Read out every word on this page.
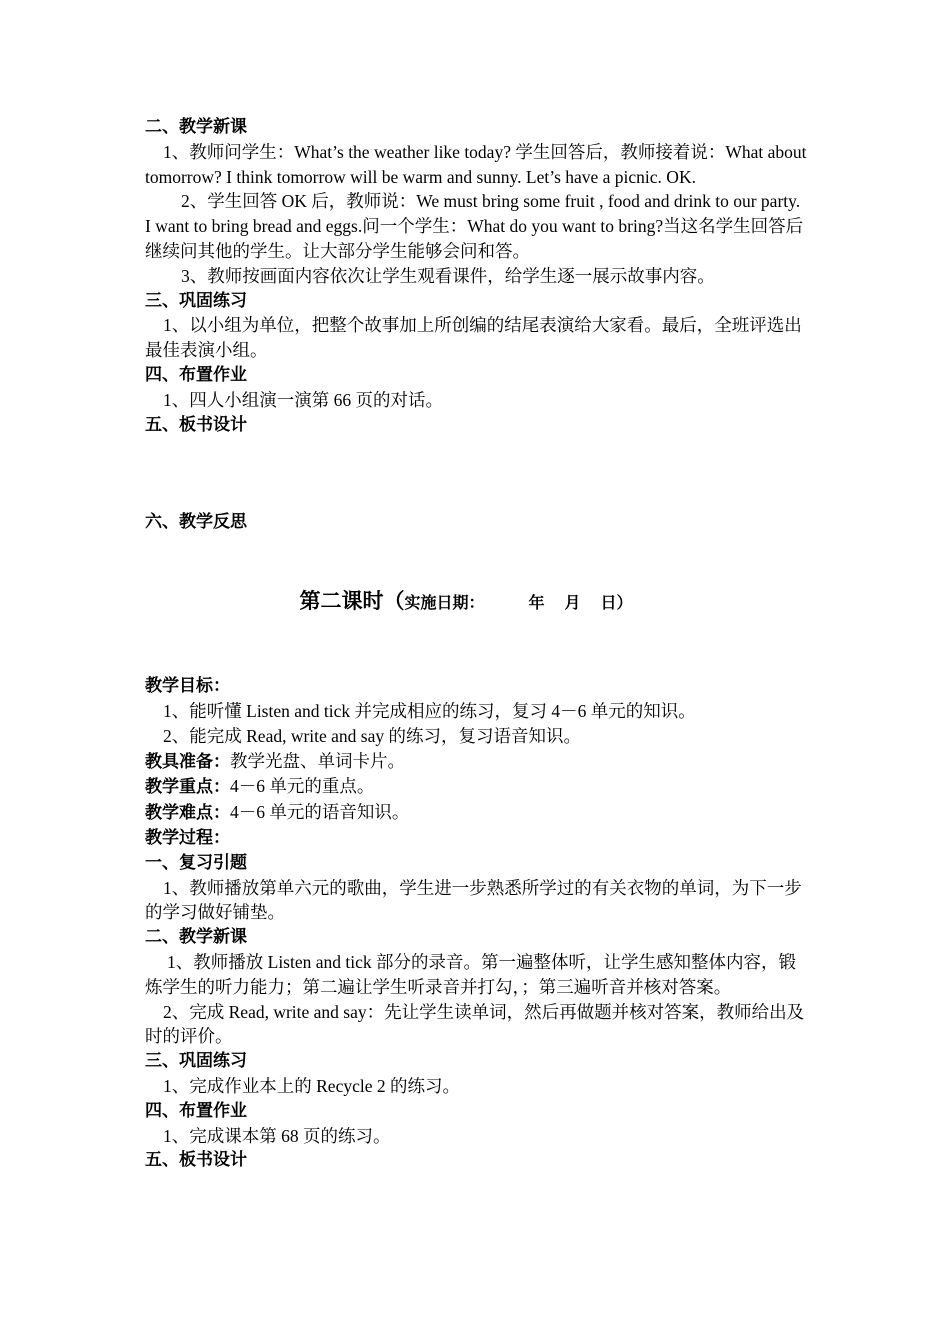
二、教学新课
1、教师问学生：What’s the weather like today? 学生回答后，教师接着说：What about tomorrow? I think tomorrow will be warm and sunny. Let’s have a picnic. OK.
2、学生回答 OK 后，教师说：We must bring some fruit , food and drink to our party. I want to bring bread and eggs.问一个学生：What do you want to bring?当这名学生回答后继续问其他的学生。让大部分学生能够会问和答。
3、教师按画面内容依次让学生观看课件，给学生逐一展示故事内容。
三、巩固练习
1、以小组为单位，把整个故事加上所创编的结尾表演给大家看。最后，全班评选出最佳表演小组。
四、布置作业
1、四人小组演一演第 66 页的对话。
五、板书设计
六、教学反思
第二课时（实施日期：	年 月 日）
教学目标：
1、能听懂 Listen and tick 并完成相应的练习，复习 4－6 单元的知识。
2、能完成 Read, write and say 的练习，复习语音知识。
教具准备：教学光盘、单词卡片。
教学重点：4－6 单元的重点。
教学难点：4－6 单元的语音知识。
教学过程：
一、复习引题
1、教师播放第单六元的歌曲，学生进一步熟悉所学过的有关衣物的单词，为下一步的学习做好铺垫。
二、教学新课
1、教师播放 Listen and tick 部分的录音。第一遍整体听，让学生感知整体内容，锻炼学生的听力能力；第二遍让学生听录音并打勾，；第三遍听音并核对答案。
2、完成 Read, write and say：先让学生读单词，然后再做题并核对答案，教师给出及时的评价。
三、巩固练习
1、完成作业本上的 Recycle 2 的练习。
四、布置作业
1、完成课本第 68 页的练习。
五、板书设计
